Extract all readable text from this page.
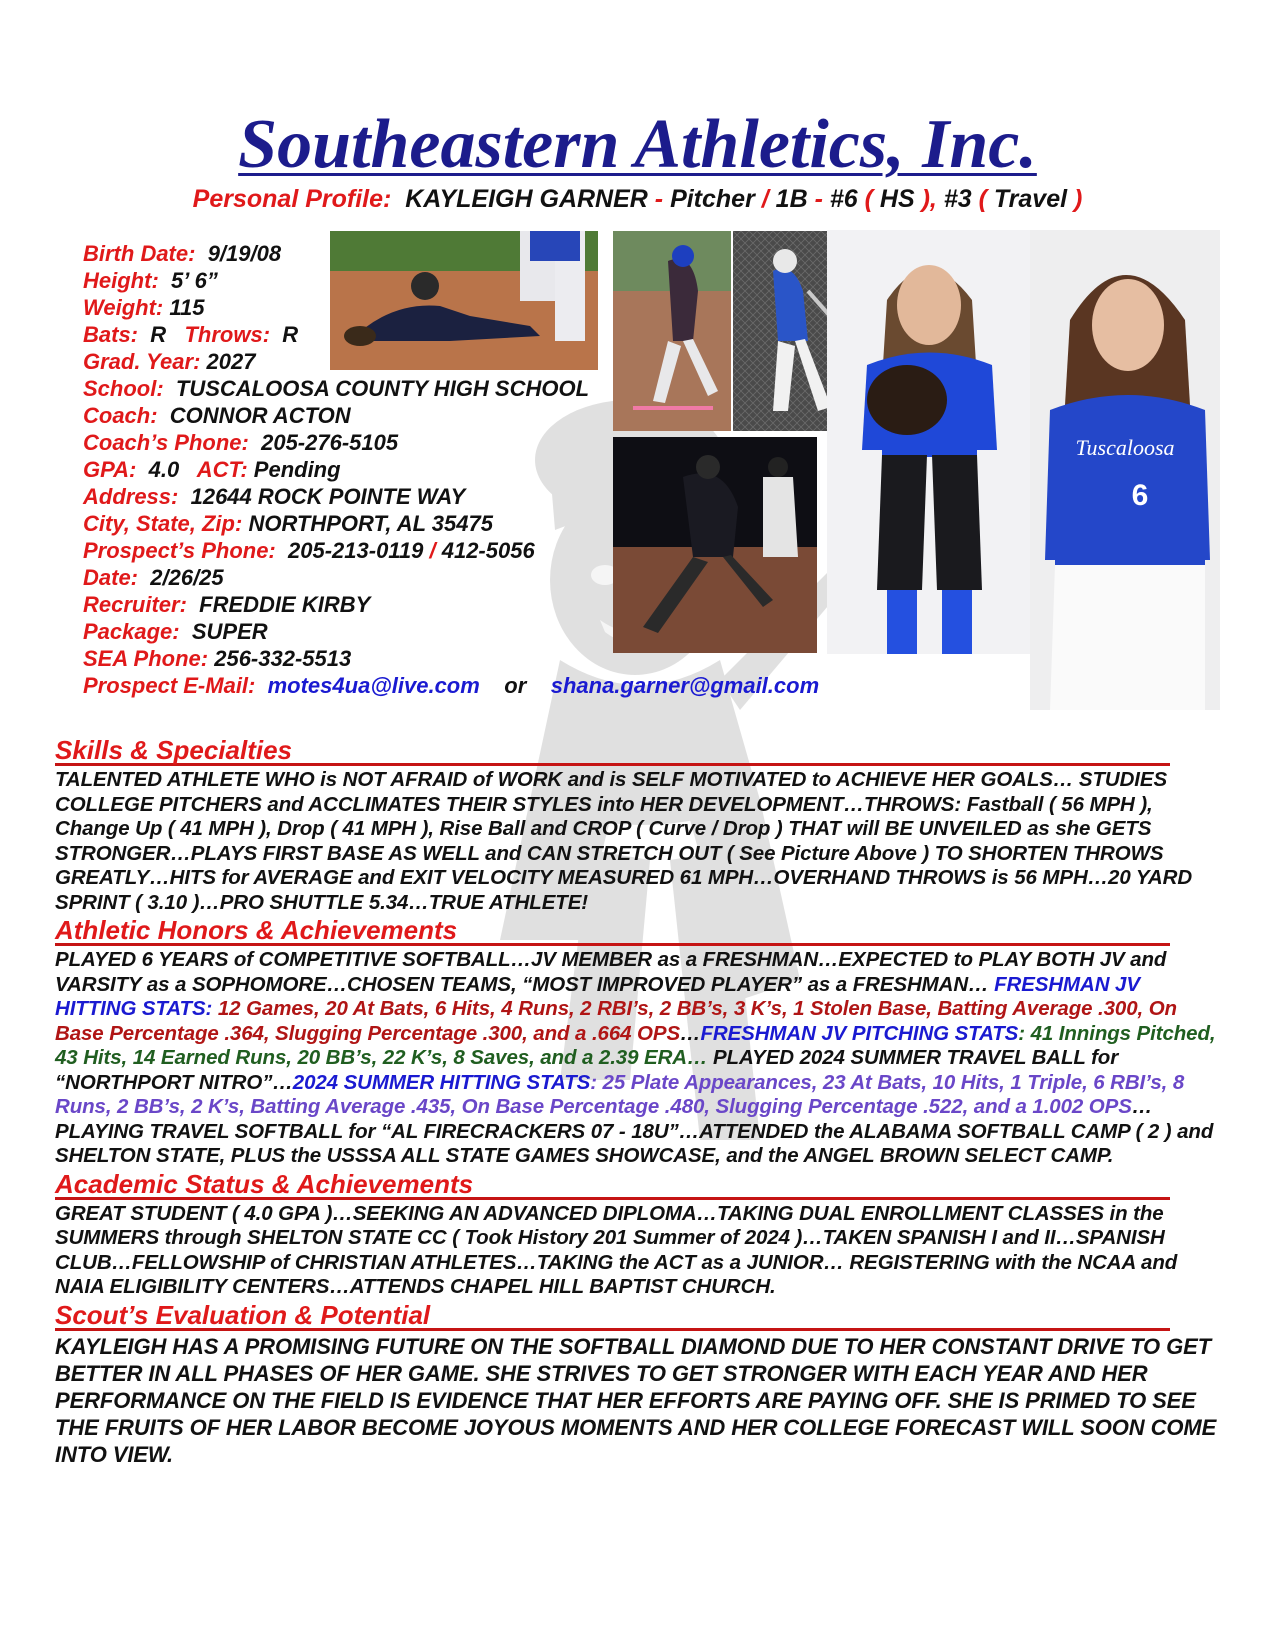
Southeastern Athletics, Inc.
Personal Profile: KAYLEIGH GARNER - Pitcher / 1B - #6 ( HS ), #3 ( Travel )
Tuscaloosa
6
Birth Date: 9/19/08
Height: 5’ 6”
Weight: 115
Bats: R Throws: R
Grad. Year: 2027
School: TUSCALOOSA COUNTY HIGH SCHOOL
Coach: CONNOR ACTON
Coach’s Phone: 205-276-5105
GPA: 4.0 ACT: Pending
Address: 12644 ROCK POINTE WAY
City, State, Zip: NORTHPORT, AL 35475
Prospect’s Phone: 205-213-0119 / 412-5056
Date: 2/26/25
Recruiter: FREDDIE KIRBY
Package: SUPER
SEA Phone: 256-332-5513
Prospect E-Mail: motes4ua@live.com or shana.garner@gmail.com
Skills & Specialties
TALENTED ATHLETE WHO is NOT AFRAID of WORK and is SELF MOTIVATED to ACHIEVE HER GOALS… STUDIES COLLEGE PITCHERS and ACCLIMATES THEIR STYLES into HER DEVELOPMENT…THROWS: Fastball ( 56 MPH ), Change Up ( 41 MPH ), Drop ( 41 MPH ), Rise Ball and CROP ( Curve / Drop ) THAT will BE UNVEILED as she GETS STRONGER…PLAYS FIRST BASE AS WELL and CAN STRETCH OUT ( See Picture Above ) TO SHORTEN THROWS GREATLY…HITS for AVERAGE and EXIT VELOCITY MEASURED 61 MPH…OVERHAND THROWS is 56 MPH…20 YARD SPRINT ( 3.10 )…PRO SHUTTLE 5.34…TRUE ATHLETE!
Athletic Honors & Achievements
PLAYED 6 YEARS of COMPETITIVE SOFTBALL…JV MEMBER as a FRESHMAN…EXPECTED to PLAY BOTH JV and VARSITY as a SOPHOMORE…CHOSEN TEAMS, “MOST IMPROVED PLAYER” as a FRESHMAN… FRESHMAN JV HITTING STATS: 12 Games, 20 At Bats, 6 Hits, 4 Runs, 2 RBI’s, 2 BB’s, 3 K’s, 1 Stolen Base, Batting Average .300, On Base Percentage .364, Slugging Percentage .300, and a .664 OPS…FRESHMAN JV PITCHING STATS: 41 Innings Pitched, 43 Hits, 14 Earned Runs, 20 BB’s, 22 K’s, 8 Saves, and a 2.39 ERA… PLAYED 2024 SUMMER TRAVEL BALL for “NORTHPORT NITRO”…2024 SUMMER HITTING STATS: 25 Plate Appearances, 23 At Bats, 10 Hits, 1 Triple, 6 RBI’s, 8 Runs, 2 BB’s, 2 K’s, Batting Average .435, On Base Percentage .480, Slugging Percentage .522, and a 1.002 OPS…PLAYING TRAVEL SOFTBALL for “AL FIRECRACKERS 07 - 18U”…ATTENDED the ALABAMA SOFTBALL CAMP ( 2 ) and SHELTON STATE, PLUS the USSSA ALL STATE GAMES SHOWCASE, and the ANGEL BROWN SELECT CAMP.
Academic Status & Achievements
GREAT STUDENT ( 4.0 GPA )…SEEKING AN ADVANCED DIPLOMA…TAKING DUAL ENROLLMENT CLASSES in the SUMMERS through SHELTON STATE CC ( Took History 201 Summer of 2024 )…TAKEN SPANISH I and II…SPANISH CLUB…FELLOWSHIP of CHRISTIAN ATHLETES…TAKING the ACT as a JUNIOR… REGISTERING with the NCAA and NAIA ELIGIBILITY CENTERS…ATTENDS CHAPEL HILL BAPTIST CHURCH.
Scout’s Evaluation & Potential
KAYLEIGH HAS A PROMISING FUTURE ON THE SOFTBALL DIAMOND DUE TO HER CONSTANT DRIVE TO GET BETTER IN ALL PHASES OF HER GAME. SHE STRIVES TO GET STRONGER WITH EACH YEAR AND HER PERFORMANCE ON THE FIELD IS EVIDENCE THAT HER EFFORTS ARE PAYING OFF. SHE IS PRIMED TO SEE THE FRUITS OF HER LABOR BECOME JOYOUS MOMENTS AND HER COLLEGE FORECAST WILL SOON COME INTO VIEW.
